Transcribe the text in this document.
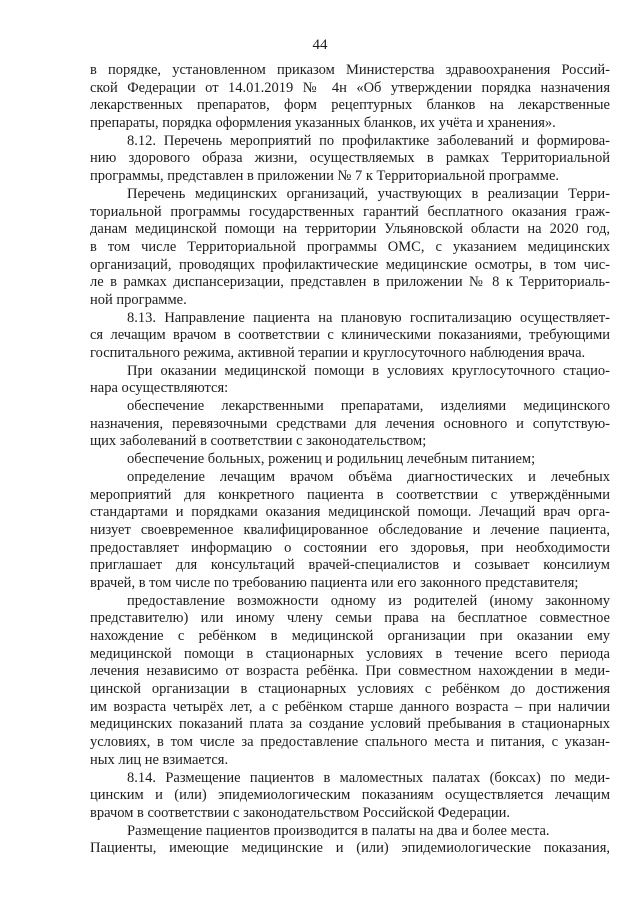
44
в порядке, установленном приказом Министерства здравоохранения Россий-
ской Федерации от 14.01.2019 № 4н «Об утверждении порядка назначения
лекарственных препаратов, форм рецептурных бланков на лекарственные
препараты, порядка оформления указанных бланков, их учёта и хранения».
8.12. Перечень мероприятий по профилактике заболеваний и формирова-
нию здорового образа жизни, осуществляемых в рамках Территориальной
программы, представлен в приложении № 7 к Территориальной программе.
Перечень медицинских организаций, участвующих в реализации Терри-
ториальной программы государственных гарантий бесплатного оказания граж-
данам медицинской помощи на территории Ульяновской области на 2020 год,
в том числе Территориальной программы ОМС, с указанием медицинских
организаций, проводящих профилактические медицинские осмотры, в том чис-
ле в рамках диспансеризации, представлен в приложении № 8 к Территориаль-
ной программе.
8.13. Направление пациента на плановую госпитализацию осуществляет-
ся лечащим врачом в соответствии с клиническими показаниями, требующими
госпитального режима, активной терапии и круглосуточного наблюдения врача.
При оказании медицинской помощи в условиях круглосуточного стацио-
нара осуществляются:
обеспечение лекарственными препаратами, изделиями медицинского
назначения, перевязочными средствами для лечения основного и сопутствую-
щих заболеваний в соответствии с законодательством;
обеспечение больных, рожениц и родильниц лечебным питанием;
определение лечащим врачом объёма диагностических и лечебных
мероприятий для конкретного пациента в соответствии с утверждёнными
стандартами и порядками оказания медицинской помощи. Лечащий врач орга-
низует своевременное квалифицированное обследование и лечение пациента,
предоставляет информацию о состоянии его здоровья, при необходимости
приглашает для консультаций врачей-специалистов и созывает консилиум
врачей, в том числе по требованию пациента или его законного представителя;
предоставление возможности одному из родителей (иному законному
представителю) или иному члену семьи права на бесплатное совместное
нахождение с ребёнком в медицинской организации при оказании ему
медицинской помощи в стационарных условиях в течение всего периода
лечения независимо от возраста ребёнка. При совместном нахождении в меди-
цинской организации в стационарных условиях с ребёнком до достижения
им возраста четырёх лет, а с ребёнком старше данного возраста – при наличии
медицинских показаний плата за создание условий пребывания в стационарных
условиях, в том числе за предоставление спального места и питания, с указан-
ных лиц не взимается.
8.14. Размещение пациентов в маломестных палатах (боксах) по меди-
цинским и (или) эпидемиологическим показаниям осуществляется лечащим
врачом в соответствии с законодательством Российской Федерации.
Размещение пациентов производится в палаты на два и более места.
Пациенты, имеющие медицинские и (или) эпидемиологические показания,
